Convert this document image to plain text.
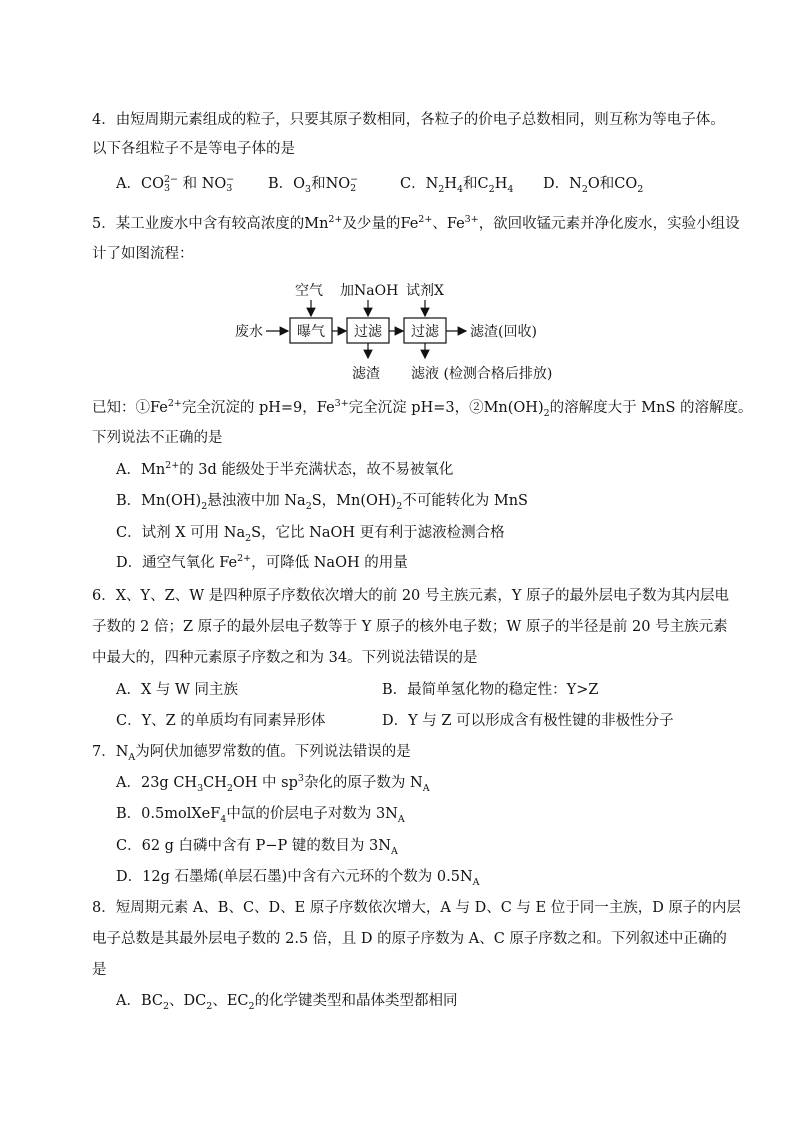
4．由短周期元素组成的粒子，只要其原子数相同，各粒子的价电子总数相同，则互称为等电子体。
以下各组粒子不是等电子体的是
A．CO 2−
3 和 NO −
3 B．$O_3$和NO −
2	C．$N_2H_4$和$C_2H_4$ D．$N_2O$和$CO_2$
5．某工业废水中含有较高浓度的$Mn^{2+}$及少量的$Fe^{2+}$、$Fe^{3+}$，欲回收锰元素并净化废水，实验小组设
计了如图流程：
空气 加NaOH 试剂X
废水 曝气 过滤 过滤 滤渣(回收)
滤渣 滤液 (检测合格后排放)
已知：$①Fe^{2+}$完全沉淀的 pH=9，$Fe^{3+}$完全沉淀 pH=3，$②Mn(OH)_2$的溶解度大于 MnS 的溶解度。
下列说法不正确的是
A．$Mn^{2+}$的 3d 能级处于半充满状态，故不易被氧化
B．$Mn(OH)_2$悬浊液中加 $Na_2S$，$Mn(OH)_2$不可能转化为 MnS
C．试剂 X 可用 $Na_2S$，它比 NaOH 更有利于滤液检测合格
D．通空气氧化 $Fe^{2+}$，可降低 NaOH 的用量
6．X、Y、Z、W 是四种原子序数依次增大的前 20 号主族元素，Y 原子的最外层电子数为其内层电
子数的 2 倍；Z 原子的最外层电子数等于 Y 原子的核外电子数；W 原子的半径是前 20 号主族元素
中最大的，四种元素原子序数之和为 34。下列说法错误的是
A．X 与 W 同主族	B．最简单氢化物的稳定性：Y>Z
C．Y、Z 的单质均有同素异形体	D．Y 与 Z 可以形成含有极性键的非极性分子
7．$N_A$为阿伏加德罗常数的值。下列说法错误的是
A．23g $CH_3CH_2OH$ 中 $sp^3$杂化的原子数为 $N_A$
B．0.5molXeF$_4$中氙的价层电子对数为 $3N_A$
C．62 g 白磷中含有 P−P 键的数目为 $3N_A$
D．12g 石墨烯(单层石墨)中含有六元环的个数为 $0.5N_A$
8．短周期元素 A、B、C、D、E 原子序数依次增大，A 与 D、C 与 E 位于同一主族，D 原子的内层
电子总数是其最外层电子数的 2.5 倍，且 D 的原子序数为 A、C 原子序数之和。下列叙述中正确的
是
A．$BC_2$、$DC_2$、$EC_2$的化学键类型和晶体类型都相同
